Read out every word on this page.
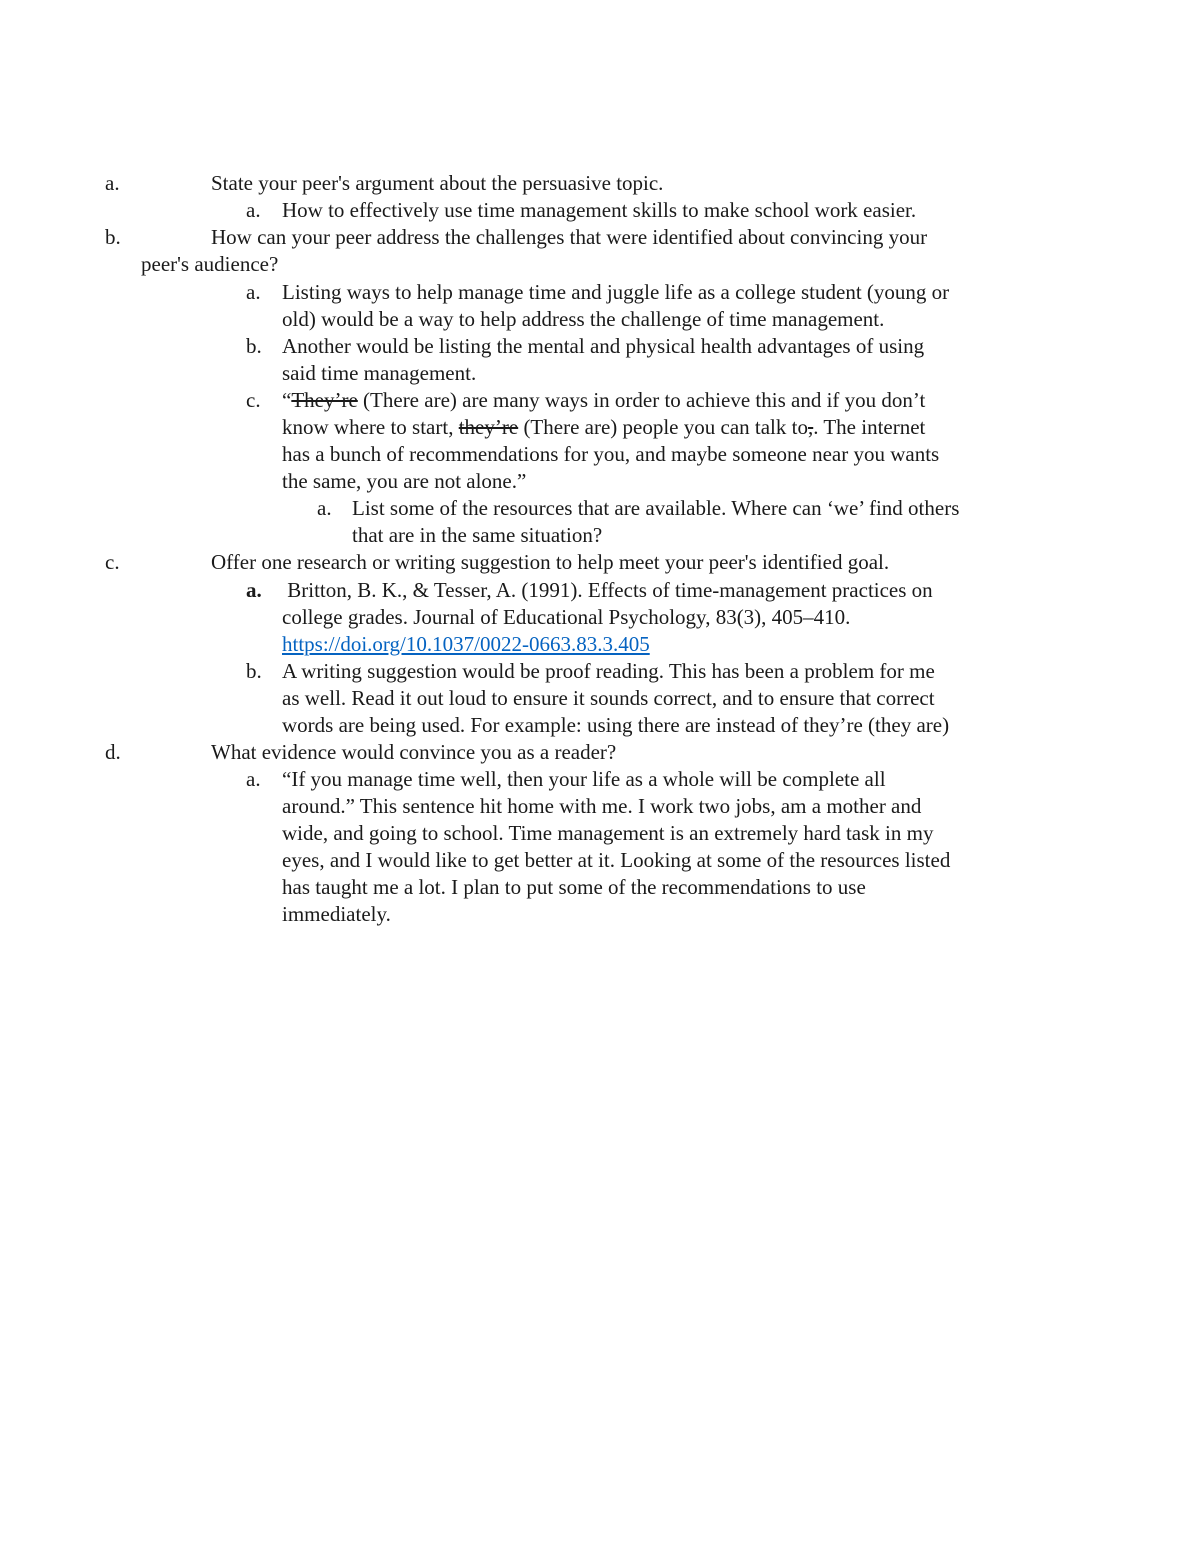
a.	State your peer's argument about the persuasive topic.
a. How to effectively use time management skills to make school work easier.
b.	How can your peer address the challenges that were identified about convincing your
peer's audience?
a. Listing ways to help manage time and juggle life as a college student (young or
old) would be a way to help address the challenge of time management.
b. Another would be listing the mental and physical health advantages of using
said time management.
c. “They’re (There are) are many ways in order to achieve this and if you don’t
know where to start, they’re (There are) people you can talk to,. The internet
has a bunch of recommendations for you, and maybe someone near you wants
the same, you are not alone.”
a. List some of the resources that are available. Where can ‘we’ find others
that are in the same situation?
c.	Offer one research or writing suggestion to help meet your peer's identified goal.
a. Britton, B. K., & Tesser, A. (1991). Effects of time-management practices on
college grades. Journal of Educational Psychology, 83(3), 405–410.
https://doi.org/10.1037/0022-0663.83.3.405
b. A writing suggestion would be proof reading. This has been a problem for me
as well. Read it out loud to ensure it sounds correct, and to ensure that correct
words are being used. For example: using there are instead of they’re (they are)
d.	What evidence would convince you as a reader?
a. “If you manage time well, then your life as a whole will be complete all
around.” This sentence hit home with me. I work two jobs, am a mother and
wide, and going to school. Time management is an extremely hard task in my
eyes, and I would like to get better at it. Looking at some of the resources listed
has taught me a lot. I plan to put some of the recommendations to use
immediately.
